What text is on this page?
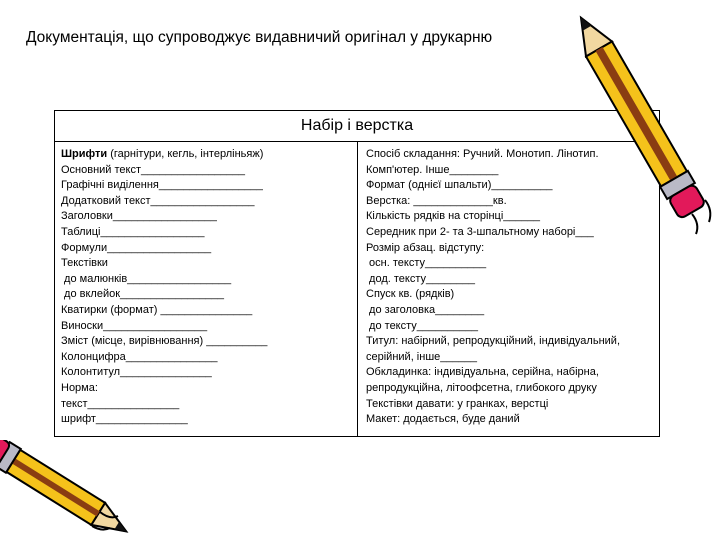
Документація, що супроводжує видавничий оригінал у друкарню
Набір і верстка
Шрифти (гарнітури, кегль, інтерліньяж)
Основний текст_________________
Графічні виділення_________________
Додатковий текст_________________
Заголовки_________________
Таблиці_________________
Формули_________________
Текстівки
до малюнків_________________
до вклейок_________________
Кватирки (формат) _______________
Виноски_________________
Зміст (місце, вирівнювання) __________
Колонцифра_______________
Колонтитул_______________
Норма:
текст_______________
шрифт_______________
Спосіб складання: Ручний. Монотип. Лінотип.
Комп'ютер. Інше________
Формат (однієї шпальти)__________
Верстка: _____________кв.
Кількість рядків на сторінці______
Середник при 2- та 3-шпальтному наборі___
Розмір абзац. відступу:
осн. тексту__________
дод. тексту________
Спуск кв. (рядків)
до заголовка________
до тексту__________
Титул: набірний, репродукційний, індивідуальний,
серійний, інше______
Обкладинка: індивідуальна, серійна, набірна,
репродукційна, літоофсетна, глибокого друку
Текстівки давати: у гранках, верстці
Макет: додається, буде даний
